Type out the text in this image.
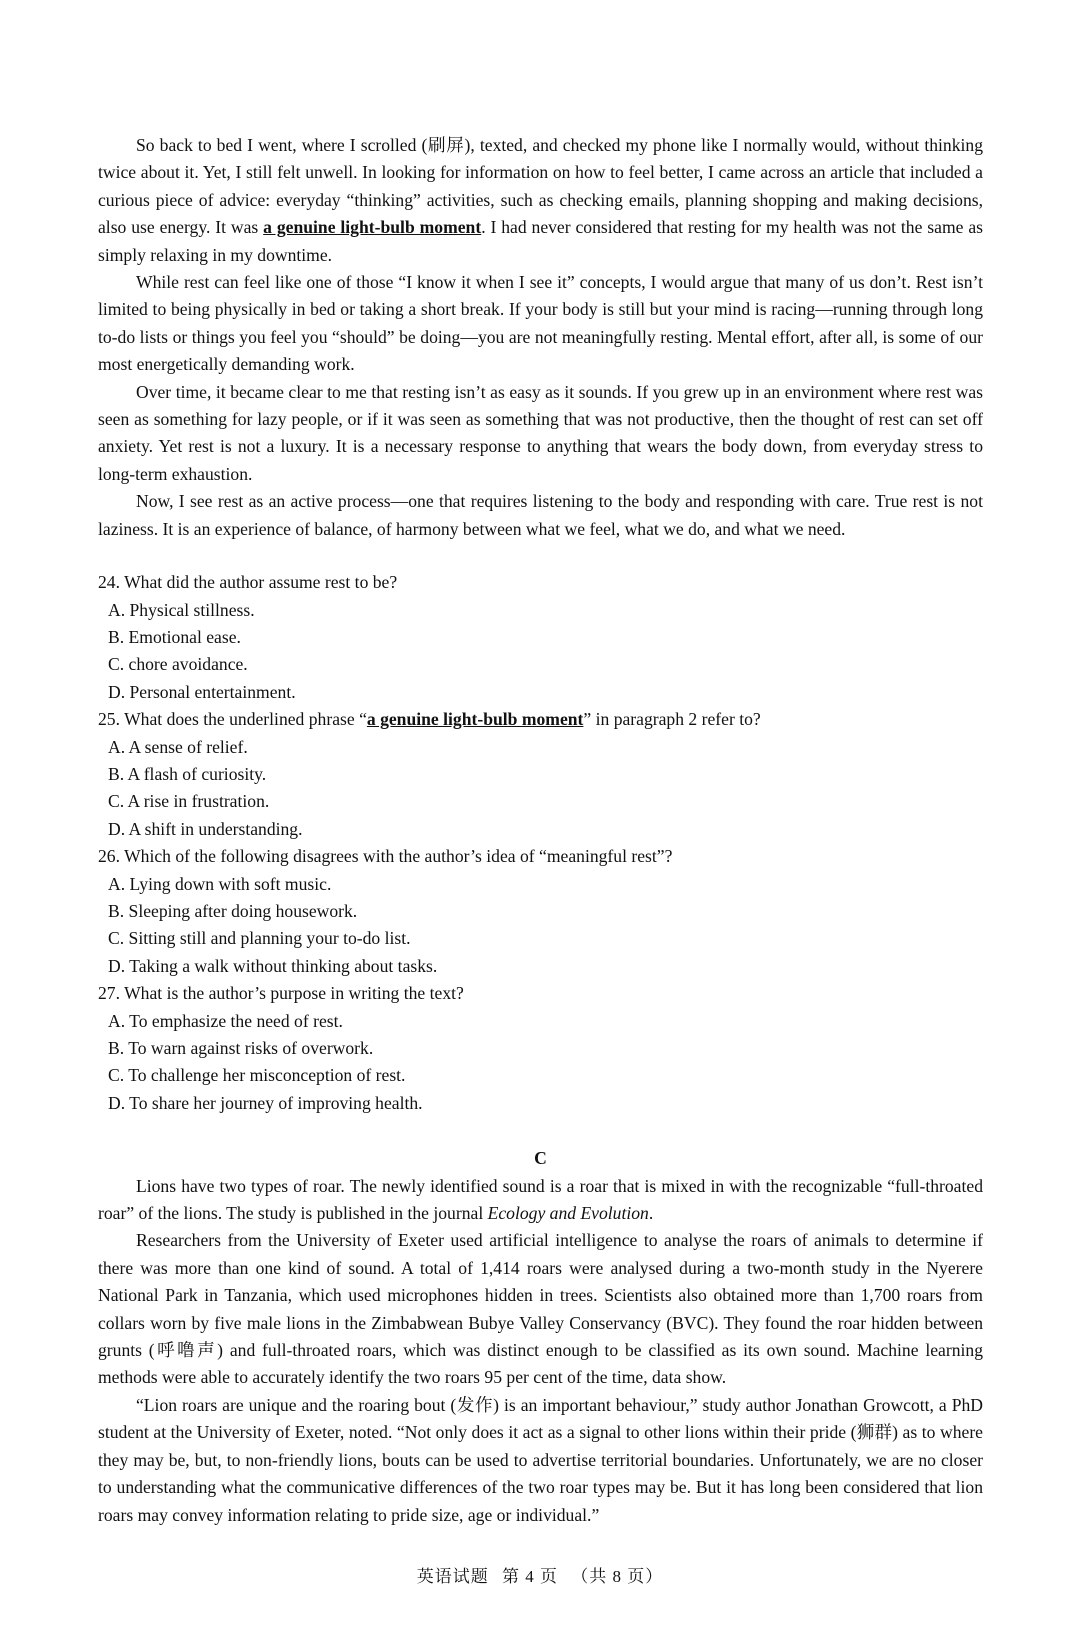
So back to bed I went, where I scrolled (刷屏), texted, and checked my phone like I normally would, without thinking twice about it. Yet, I still felt unwell. In looking for information on how to feel better, I came across an article that included a curious piece of advice: everyday “thinking” activities, such as checking emails, planning shopping and making decisions, also use energy. It was a genuine light-bulb moment. I had never considered that resting for my health was not the same as simply relaxing in my downtime.

While rest can feel like one of those “I know it when I see it” concepts, I would argue that many of us don’t. Rest isn’t limited to being physically in bed or taking a short break. If your body is still but your mind is racing—running through long to-do lists or things you feel you “should” be doing—you are not meaningfully resting. Mental effort, after all, is some of our most energetically demanding work.

Over time, it became clear to me that resting isn’t as easy as it sounds. If you grew up in an environment where rest was seen as something for lazy people, or if it was seen as something that was not productive, then the thought of rest can set off anxiety. Yet rest is not a luxury. It is a necessary response to anything that wears the body down, from everyday stress to long-term exhaustion.

Now, I see rest as an active process—one that requires listening to the body and responding with care. True rest is not laziness. It is an experience of balance, of harmony between what we feel, what we do, and what we need.

24. What did the author assume rest to be?
A. Physical stillness.
B. Emotional ease.
C. chore avoidance.
D. Personal entertainment.
25. What does the underlined phrase “a genuine light-bulb moment” in paragraph 2 refer to?
A. A sense of relief.
B. A flash of curiosity.
C. A rise in frustration.
D. A shift in understanding.
26. Which of the following disagrees with the author’s idea of “meaningful rest”?
A. Lying down with soft music.
B. Sleeping after doing housework.
C. Sitting still and planning your to-do list.
D. Taking a walk without thinking about tasks.
27. What is the author’s purpose in writing the text?
A. To emphasize the need of rest.
B. To warn against risks of overwork.
C. To challenge her misconception of rest.
D. To share her journey of improving health.
C

Lions have two types of roar. The newly identified sound is a roar that is mixed in with the recognizable “full-throated roar” of the lions. The study is published in the journal Ecology and Evolution.

Researchers from the University of Exeter used artificial intelligence to analyse the roars of animals to determine if there was more than one kind of sound. A total of 1,414 roars were analysed during a two-month study in the Nyerere National Park in Tanzania, which used microphones hidden in trees. Scientists also obtained more than 1,700 roars from collars worn by five male lions in the Zimbabwean Bubye Valley Conservancy (BVC). They found the roar hidden between grunts (呼噜声) and full-throated roars, which was distinct enough to be classified as its own sound. Machine learning methods were able to accurately identify the two roars 95 per cent of the time, data show.

“Lion roars are unique and the roaring bout (发作) is an important behaviour,” study author Jonathan Growcott, a PhD student at the University of Exeter, noted. “Not only does it act as a signal to other lions within their pride (狮群) as to where they may be, but, to non-friendly lions, bouts can be used to advertise territorial boundaries. Unfortunately, we are no closer to understanding what the communicative differences of the two roar types may be. But it has long been considered that lion roars may convey information relating to pride size, age or individual.”

英语试题 第 4 页 （共 8 页）
